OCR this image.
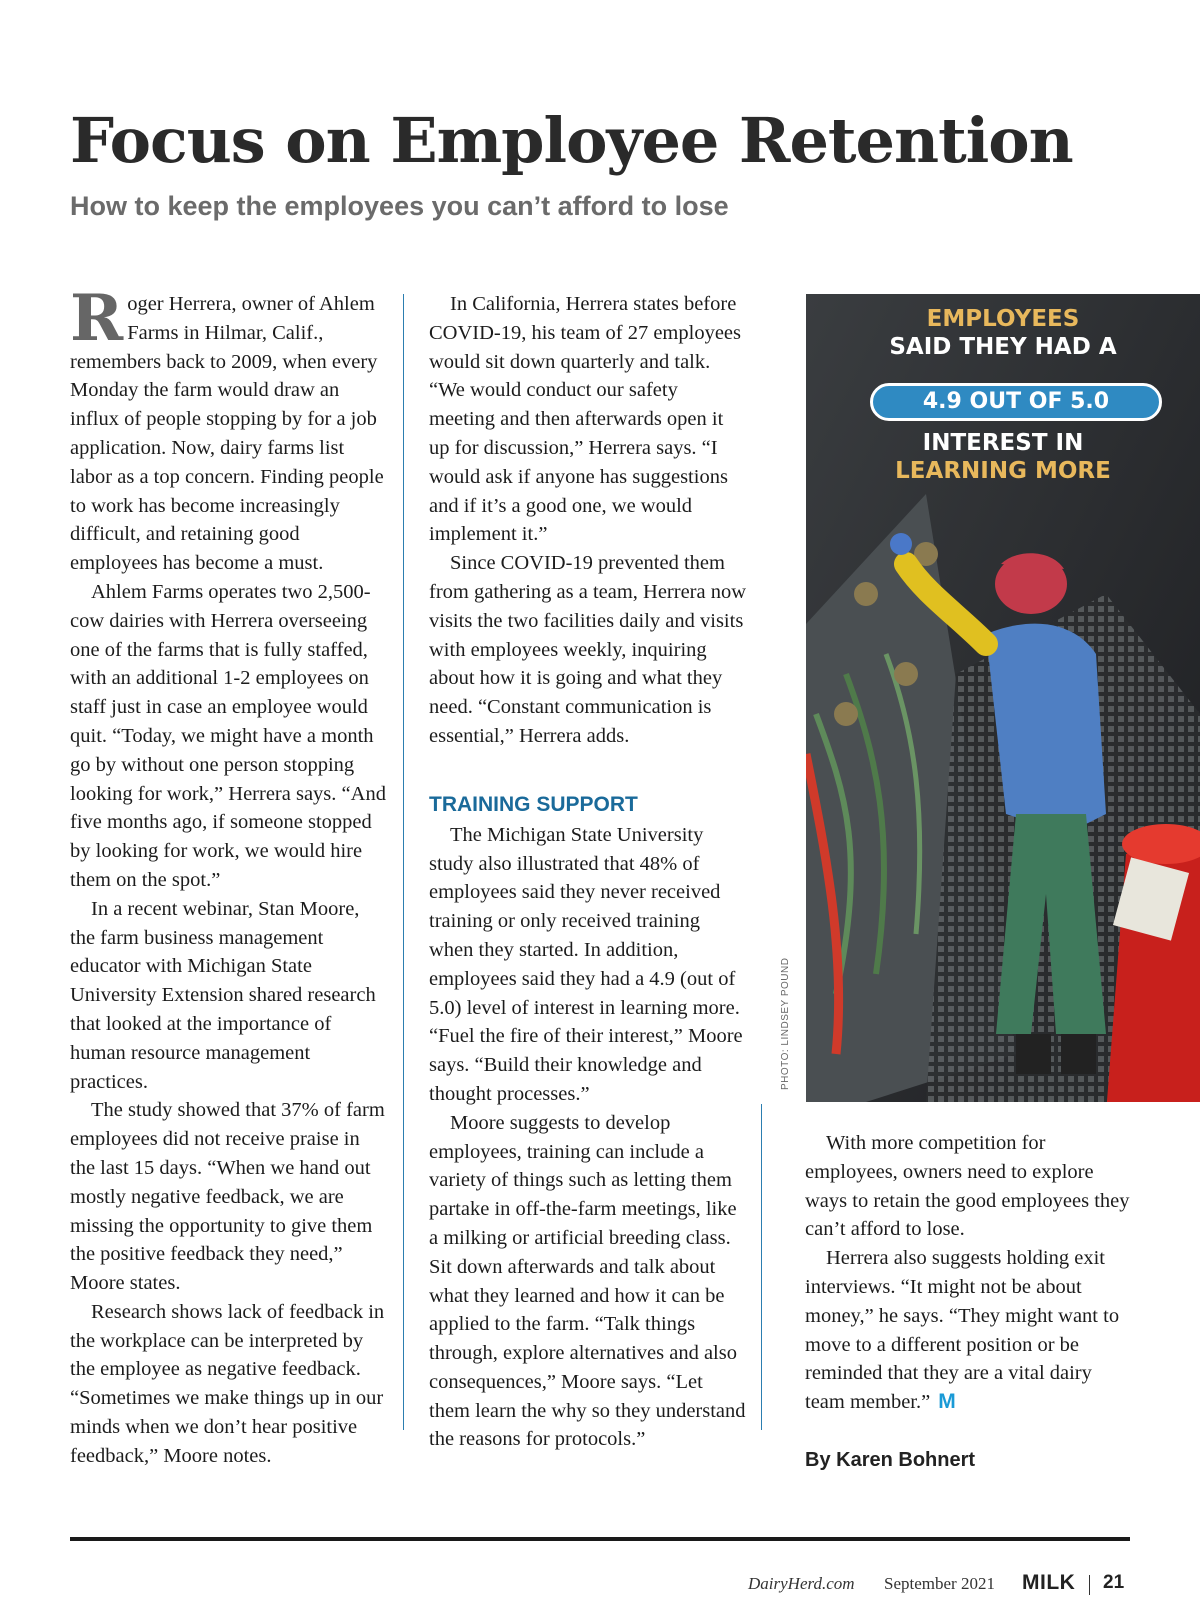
Focus on Employee Retention
How to keep the employees you can’t afford to lose

Roger Herrera, owner of Ahlem Farms in Hilmar, Calif., remembers back to 2009, when every Monday the farm would draw an influx of people stopping by for a job application. Now, dairy farms list labor as a top concern. Finding people to work has become increasingly difficult, and retaining good employees has become a must.

Ahlem Farms operates two 2,500-cow dairies with Herrera overseeing one of the farms that is fully staffed, with an additional 1-2 employees on staff just in case an employee would quit. “Today, we might have a month go by without one person stopping looking for work,” Herrera says. “And five months ago, if someone stopped by looking for work, we would hire them on the spot.”

In a recent webinar, Stan Moore, the farm business management educator with Michigan State University Extension shared research that looked at the importance of human resource management practices.

The study showed that 37% of farm employees did not receive praise in the last 15 days. “When we hand out mostly negative feedback, we are missing the opportunity to give them the positive feedback they need,” Moore states.

Research shows lack of feedback in the workplace can be interpreted by the employee as negative feedback. “Sometimes we make things up in our minds when we don’t hear positive feedback,” Moore notes.

In California, Herrera states before COVID-19, his team of 27 employees would sit down quarterly and talk. “We would conduct our safety meeting and then afterwards open it up for discussion,” Herrera says. “I would ask if anyone has suggestions and if it’s a good one, we would implement it.”

Since COVID-19 prevented them from gathering as a team, Herrera now visits the two facilities daily and visits with employees weekly, inquiring about how it is going and what they need. “Constant communication is essential,” Herrera adds.

TRAINING SUPPORT

The Michigan State University study also illustrated that 48% of employees said they never received training or only received training when they started. In addition, employees said they had a 4.9 (out of 5.0) level of interest in learning more. “Fuel the fire of their interest,” Moore says. “Build their knowledge and thought processes.”

Moore suggests to develop employees, training can include a variety of things such as letting them partake in off-the-farm meetings, like a milking or artificial breeding class. Sit down afterwards and talk about what they learned and how it can be applied to the farm. “Talk things through, explore alternatives and also consequences,” Moore says. “Let them learn the why so they understand the reasons for protocols.”

EMPLOYEES
SAID THEY HAD A
4.9 OUT OF 5.0
INTEREST IN
LEARNING MORE
PHOTO: LINDSEY POUND

With more competition for employees, owners need to explore ways to retain the good employees they can’t afford to lose.

Herrera also suggests holding exit interviews. “It might not be about money,” he says. “They might want to move to a different position or be reminded that they are a vital dairy team member.” M

By Karen Bohnert

DairyHerd.com September 2021 MILK 21
